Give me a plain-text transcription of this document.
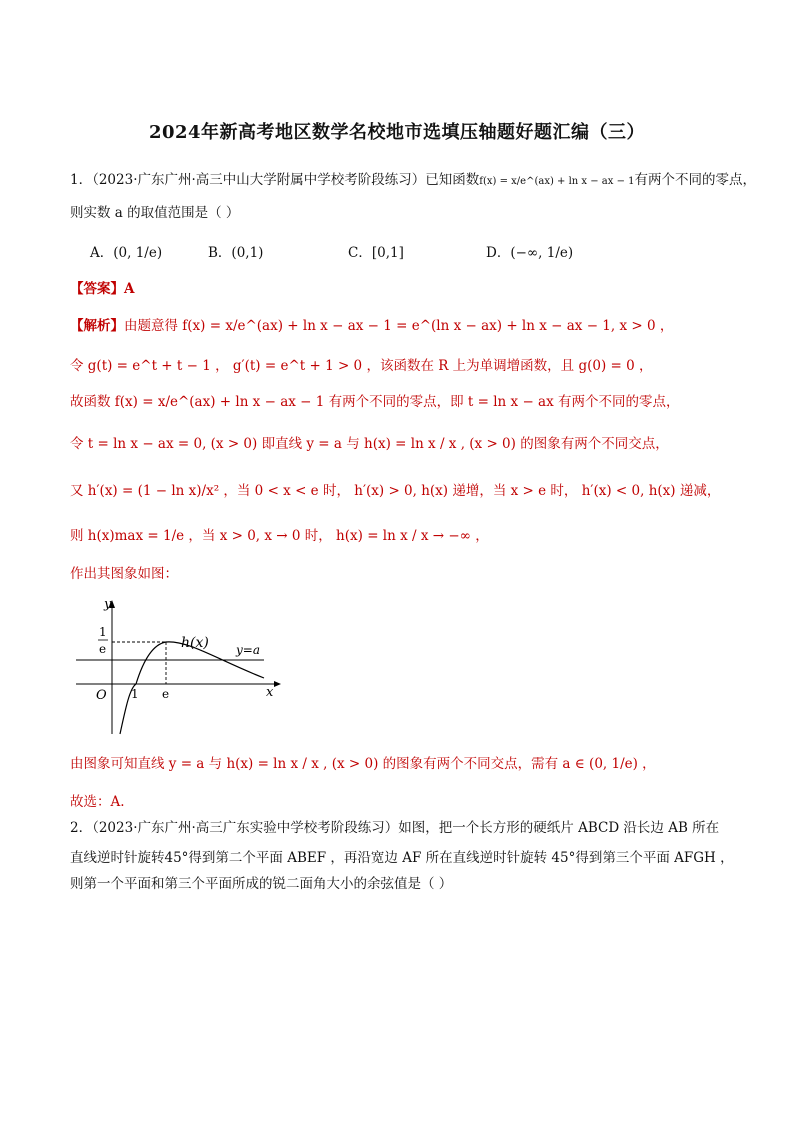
2024年新高考地区数学名校地市选填压轴题好题汇编（三）
1．（2023·广东广州·高三中山大学附属中学校考阶段练习）已知函数f(x) = x/e^(ax) + ln x − ax − 1有两个不同的零点，
则实数 a 的取值范围是（ ）
A．(0, 1/e)	B．(0,1)	C．[0,1]	D．(−∞, 1/e)
【答案】A
【解析】由题意得 f(x) = x/e^(ax) + ln x − ax − 1 = e^(ln x − ax) + ln x − ax − 1, x > 0 ，
令 g(t) = e^t + t − 1 ， g′(t) = e^t + 1 > 0 ，该函数在 R 上为单调增函数，且 g(0) = 0 ，
故函数 f(x) = x/e^(ax) + ln x − ax − 1 有两个不同的零点，即 t = ln x − ax 有两个不同的零点，
令 t = ln x − ax = 0, (x > 0) 即直线 y = a 与 h(x) = ln x / x , (x > 0) 的图象有两个不同交点，
又 h′(x) = (1 − ln x)/x² ，当 0 < x < e 时， h′(x) > 0, h(x) 递增，当 x > e 时， h′(x) < 0, h(x) 递减，
则 h(x)max = 1/e ，当 x > 0, x → 0 时， h(x) = ln x / x → −∞ ，
作出其图象如图：
y
x
O 1 e
1
e	h(x) y=a
由图象可知直线 y = a 与 h(x) = ln x / x , (x > 0) 的图象有两个不同交点，需有 a ∈ (0, 1/e) ，
故选：A.
2．（2023·广东广州·高三广东实验中学校考阶段练习）如图，把一个长方形的硬纸片 ABCD 沿长边 AB 所在
直线逆时针旋转45°得到第二个平面 ABEF ，再沿宽边 AF 所在直线逆时针旋转 45°得到第三个平面 AFGH ，
则第一个平面和第三个平面所成的锐二面角大小的余弦值是（ ）
